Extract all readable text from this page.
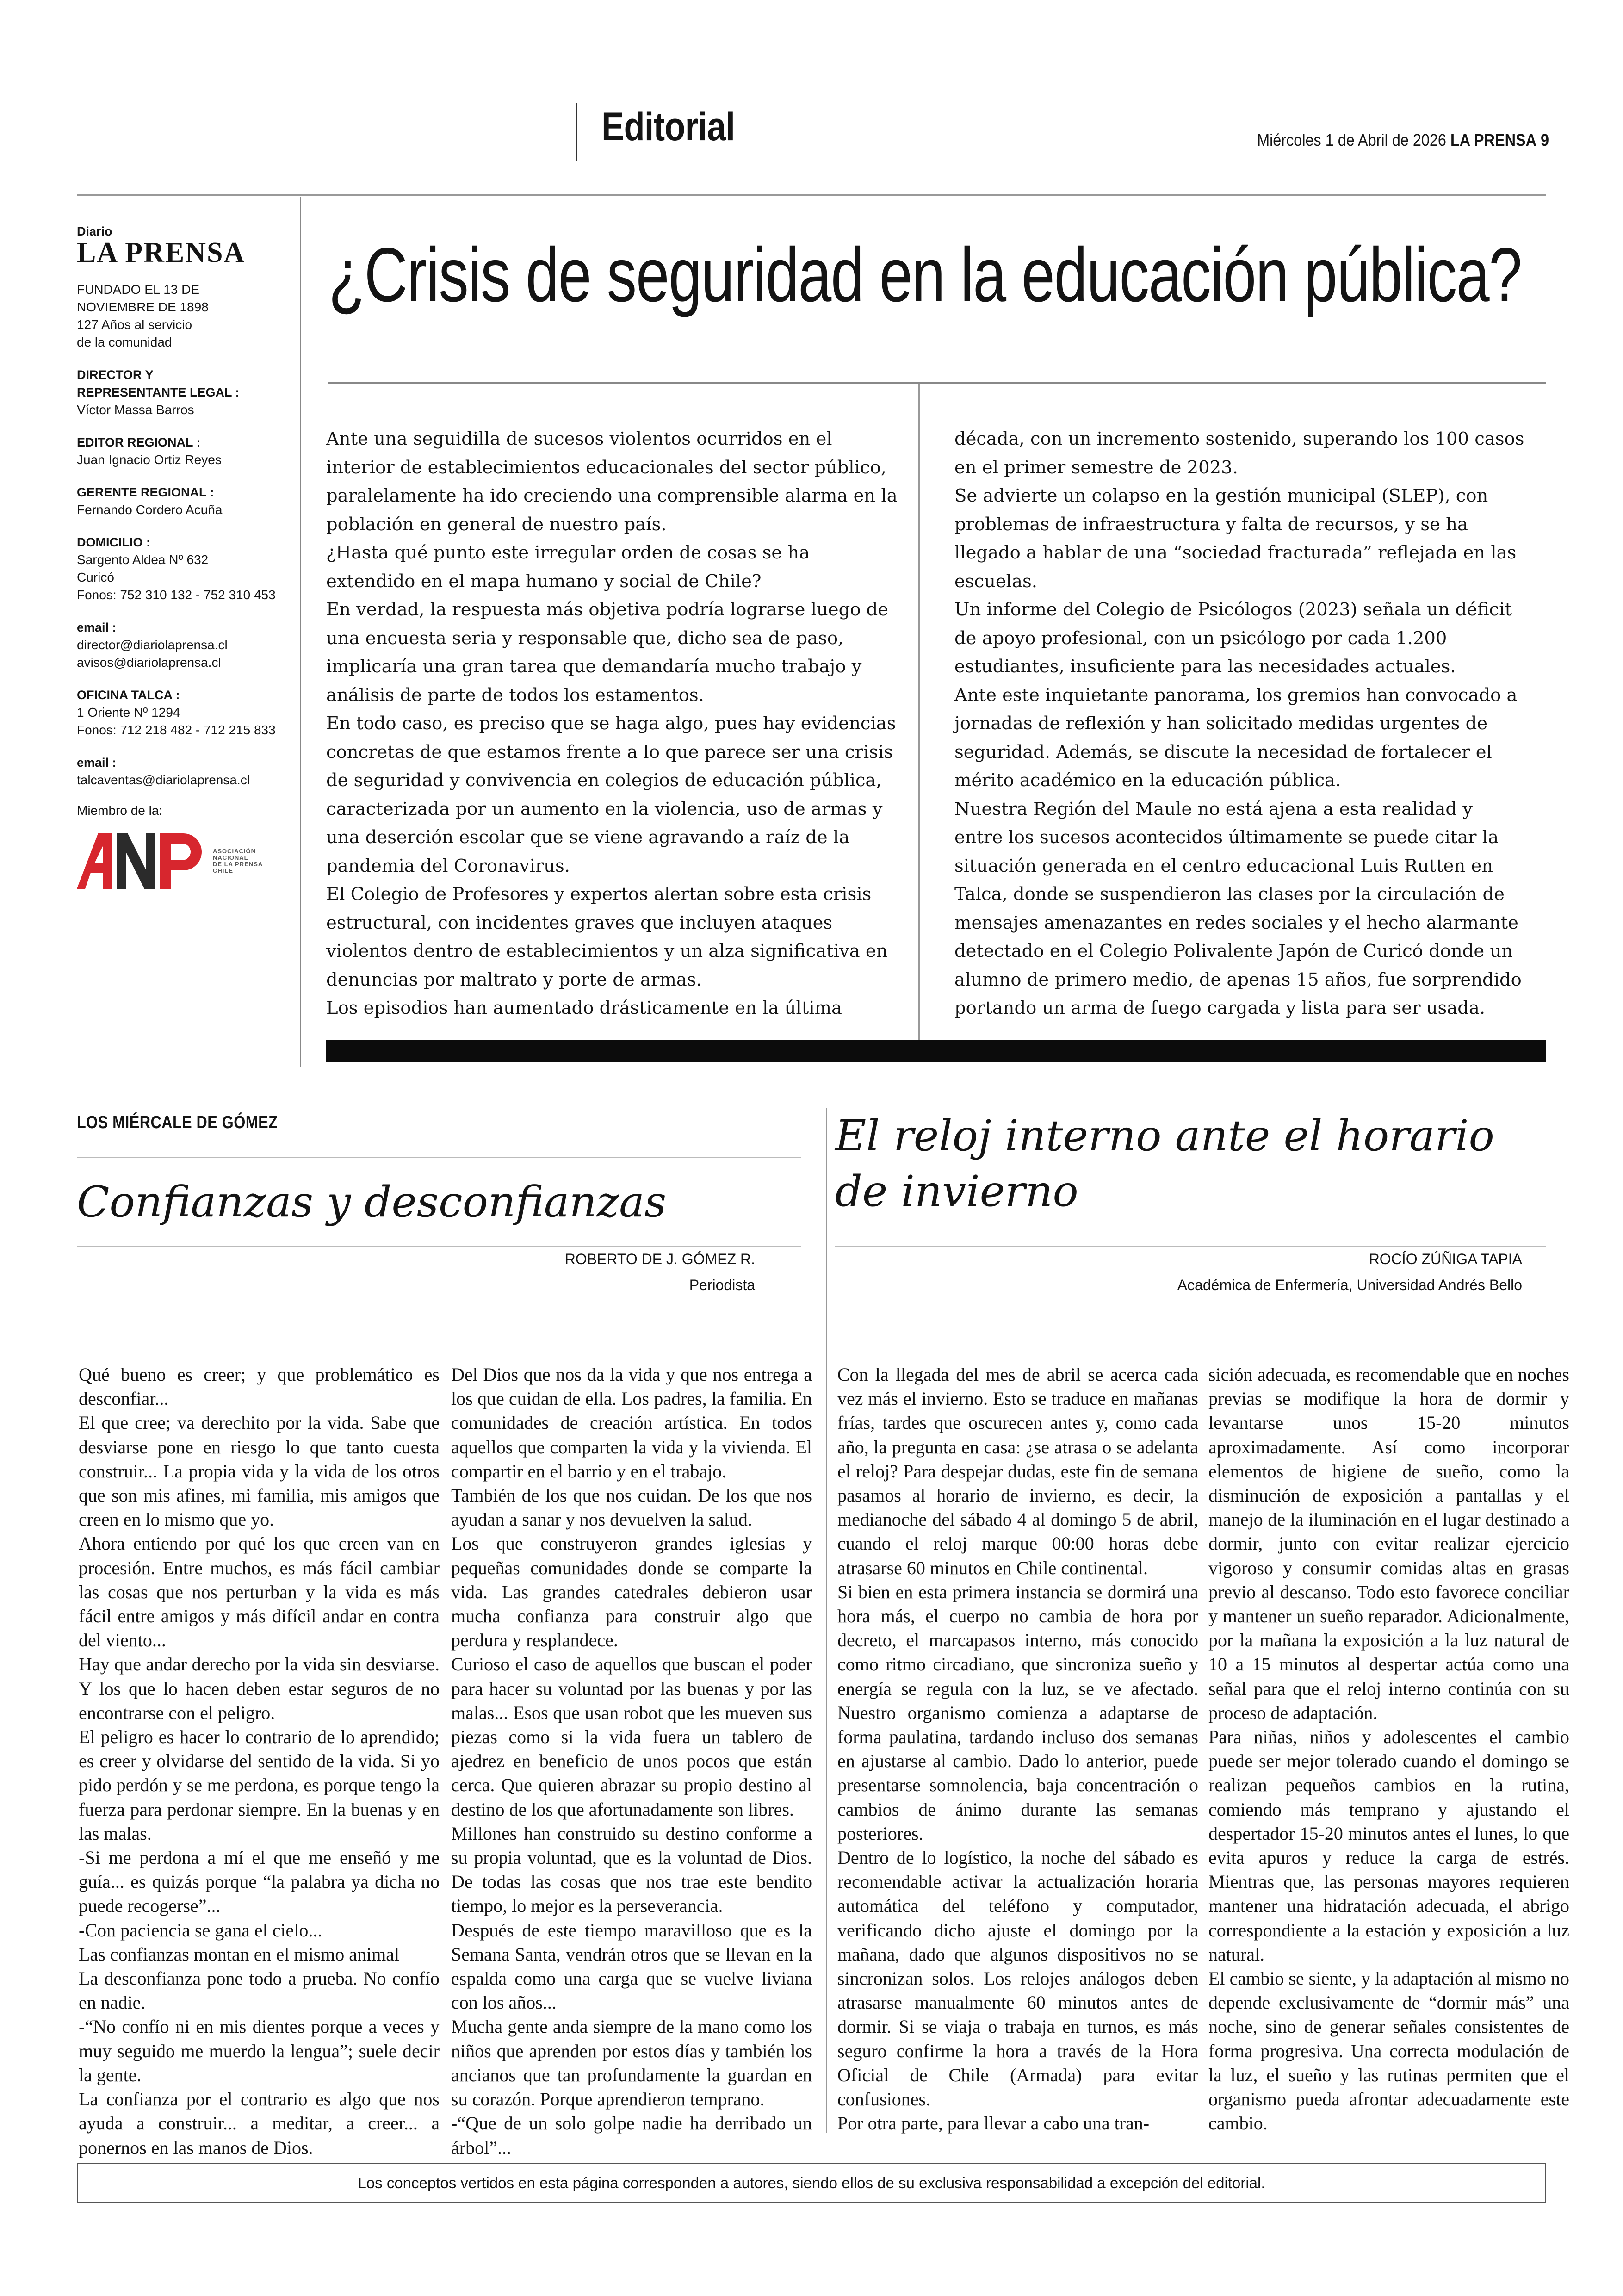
Editorial	Miércoles 1 de Abril de 2026 LA PRENSA 9
Diario
LA PRENSA
FUNDADO EL 13 DE
NOVIEMBRE DE 1898
127 Años al servicio
de la comunidad
DIRECTOR Y
REPRESENTANTE LEGAL :
Víctor Massa Barros
EDITOR REGIONAL :
Juan Ignacio Ortiz Reyes
GERENTE REGIONAL :
Fernando Cordero Acuña
DOMICILIO :
Sargento Aldea Nº 632
Curicó
Fonos: 752 310 132 - 752 310 453
email :
director@diariolaprensa.cl
avisos@diariolaprensa.cl
OFICINA TALCA :
1 Oriente Nº 1294
Fonos: 712 218 482 - 712 215 833
email :
talcaventas@diariolaprensa.cl
Miembro de la:
ASOCIACIÓN
NACIONAL
DE LA PRENSA
CHILE
¿Crisis de seguridad en la educación pública?

Ante una seguidilla de sucesos violentos ocurridos en el interior de establecimientos educacionales del sector público, paralelamente ha ido creciendo una comprensible alarma en la población en general de nuestro país.

¿Hasta qué punto este irregular orden de cosas se ha extendido en el mapa humano y social de Chile?

En verdad, la respuesta más objetiva podría lograrse luego de una encuesta seria y responsable que, dicho sea de paso, implicaría una gran tarea que demandaría mucho trabajo y análisis de parte de todos los estamentos.

En todo caso, es preciso que se haga algo, pues hay evidencias concretas de que estamos frente a lo que parece ser una crisis de seguridad y convivencia en colegios de educación pública, caracterizada por un aumento en la violencia, uso de armas y una deserción escolar que se viene agravando a raíz de la pandemia del Coronavirus.

El Colegio de Profesores y expertos alertan sobre esta crisis estructural, con incidentes graves que incluyen ataques violentos dentro de establecimientos y un alza significativa en denuncias por maltrato y porte de armas.

Los episodios han aumentado drásticamente en la última

década, con un incremento sostenido, superando los 100 casos en el primer semestre de 2023.

Se advierte un colapso en la gestión municipal (SLEP), con problemas de infraestructura y falta de recursos, y se ha llegado a hablar de una “sociedad fracturada” reflejada en las escuelas.

Un informe del Colegio de Psicólogos (2023) señala un déficit de apoyo profesional, con un psicólogo por cada 1.200 estudiantes, insuficiente para las necesidades actuales.

Ante este inquietante panorama, los gremios han convocado a jornadas de reflexión y han solicitado medidas urgentes de seguridad. Además, se discute la necesidad de fortalecer el mérito académico en la educación pública.

Nuestra Región del Maule no está ajena a esta realidad y entre los sucesos acontecidos últimamente se puede citar la situación generada en el centro educacional Luis Rutten en Talca, donde se suspendieron las clases por la circulación de mensajes amenazantes en redes sociales y el hecho alarmante detectado en el Colegio Polivalente Japón de Curicó donde un alumno de primero medio, de apenas 15 años, fue sorprendido portando un arma de fuego cargada y lista para ser usada.

LOS MIÉRCALE DE GÓMEZ
Confianzas y desconfianzas
ROBERTO DE J. GÓMEZ R.
Periodista

Qué bueno es creer; y que problemático es desconfiar...

El que cree; va derechito por la vida. Sabe que desviarse pone en riesgo lo que tanto cuesta construir... La propia vida y la vida de los otros que son mis afines, mi familia, mis amigos que creen en lo mismo que yo.

Ahora entiendo por qué los que creen van en procesión. Entre muchos, es más fácil cambiar las cosas que nos perturban y la vida es más fácil entre amigos y más difícil andar en contra del viento...

Hay que andar derecho por la vida sin desviarse. Y los que lo hacen deben estar seguros de no encontrarse con el peligro.

El peligro es hacer lo contrario de lo aprendido; es creer y olvidarse del sentido de la vida. Si yo pido perdón y se me perdona, es porque tengo la fuerza para perdonar siempre. En la buenas y en las malas.

-Si me perdona a mí el que me enseñó y me guía... es quizás porque “la palabra ya dicha no puede recogerse”...

-Con paciencia se gana el cielo...

Las confianzas montan en el mismo animal

La desconfianza pone todo a prueba. No confío en nadie.

-“No confío ni en mis dientes porque a veces y muy seguido me muerdo la lengua”; suele decir la gente.

La confianza por el contrario es algo que nos ayuda a construir... a meditar, a creer... a ponernos en las manos de Dios.

Del Dios que nos da la vida y que nos entrega a los que cuidan de ella. Los padres, la familia. En comunidades de creación artística. En todos aquellos que comparten la vida y la vivienda. El compartir en el barrio y en el trabajo.

También de los que nos cuidan. De los que nos ayudan a sanar y nos devuelven la salud.

Los que construyeron grandes iglesias y pequeñas comunidades donde se comparte la vida. Las grandes catedrales debieron usar mucha confianza para construir algo que perdura y resplandece.

Curioso el caso de aquellos que buscan el poder para hacer su voluntad por las buenas y por las malas... Esos que usan robot que les mueven sus piezas como si la vida fuera un tablero de ajedrez en beneficio de unos pocos que están cerca. Que quieren abrazar su propio destino al destino de los que afortunadamente son libres.

Millones han construido su destino conforme a su propia voluntad, que es la voluntad de Dios. De todas las cosas que nos trae este bendito tiempo, lo mejor es la perseverancia.

Después de este tiempo maravilloso que es la Semana Santa, vendrán otros que se llevan en la espalda como una carga que se vuelve liviana con los años...

Mucha gente anda siempre de la mano como los niños que aprenden por estos días y también los ancianos que tan profundamente la guardan en su corazón. Porque aprendieron temprano.

-“Que de un solo golpe nadie ha derribado un árbol”...

El reloj interno ante el horario de invierno
ROCÍO ZÚÑIGA TAPIA
Académica de Enfermería, Universidad Andrés Bello

Con la llegada del mes de abril se acerca cada vez más el invierno. Esto se traduce en mañanas frías, tardes que oscurecen antes y, como cada año, la pregunta en casa: ¿se atrasa o se adelanta el reloj? Para despejar dudas, este fin de semana pasamos al horario de invierno, es decir, la medianoche del sábado 4 al domingo 5 de abril, cuando el reloj marque 00:00 horas debe atrasarse 60 minutos en Chile continental.

Si bien en esta primera instancia se dormirá una hora más, el cuerpo no cambia de hora por decreto, el marcapasos interno, más conocido como ritmo circadiano, que sincroniza sueño y energía se regula con la luz, se ve afectado. Nuestro organismo comienza a adaptarse de forma paulatina, tardando incluso dos semanas en ajustarse al cambio. Dado lo anterior, puede presentarse somnolencia, baja concentración o cambios de ánimo durante las semanas posteriores.

Dentro de lo logístico, la noche del sábado es recomendable activar la actualización horaria automática del teléfono y computador, verificando dicho ajuste el domingo por la mañana, dado que algunos dispositivos no se sincronizan solos. Los relojes análogos deben atrasarse manualmente 60 minutos antes de dormir. Si se viaja o trabaja en turnos, es más seguro confirme la hora a través de la Hora Oficial de Chile (Armada) para evitar confusiones.

Por otra parte, para llevar a cabo una tran-

sición adecuada, es recomendable que en noches previas se modifique la hora de dormir y levantarse unos 15-20 minutos aproximadamente. Así como incorporar elementos de higiene de sueño, como la disminución de exposición a pantallas y el manejo de la iluminación en el lugar destinado a dormir, junto con evitar realizar ejercicio vigoroso y consumir comidas altas en grasas previo al descanso. Todo esto favorece conciliar y mantener un sueño reparador. Adicionalmente, por la mañana la exposición a la luz natural de 10 a 15 minutos al despertar actúa como una señal para que el reloj interno continúa con su proceso de adaptación.

Para niñas, niños y adolescentes el cambio puede ser mejor tolerado cuando el domingo se realizan pequeños cambios en la rutina, comiendo más temprano y ajustando el despertador 15-20 minutos antes el lunes, lo que evita apuros y reduce la carga de estrés. Mientras que, las personas mayores requieren mantener una hidratación adecuada, el abrigo correspondiente a la estación y exposición a luz natural.

El cambio se siente, y la adaptación al mismo no depende exclusivamente de “dormir más” una noche, sino de generar señales consistentes de forma progresiva. Una correcta modulación de la luz, el sueño y las rutinas permiten que el organismo pueda afrontar adecuadamente este cambio.

Los conceptos vertidos en esta página corresponden a autores, siendo ellos de su exclusiva responsabilidad a excepción del editorial.
